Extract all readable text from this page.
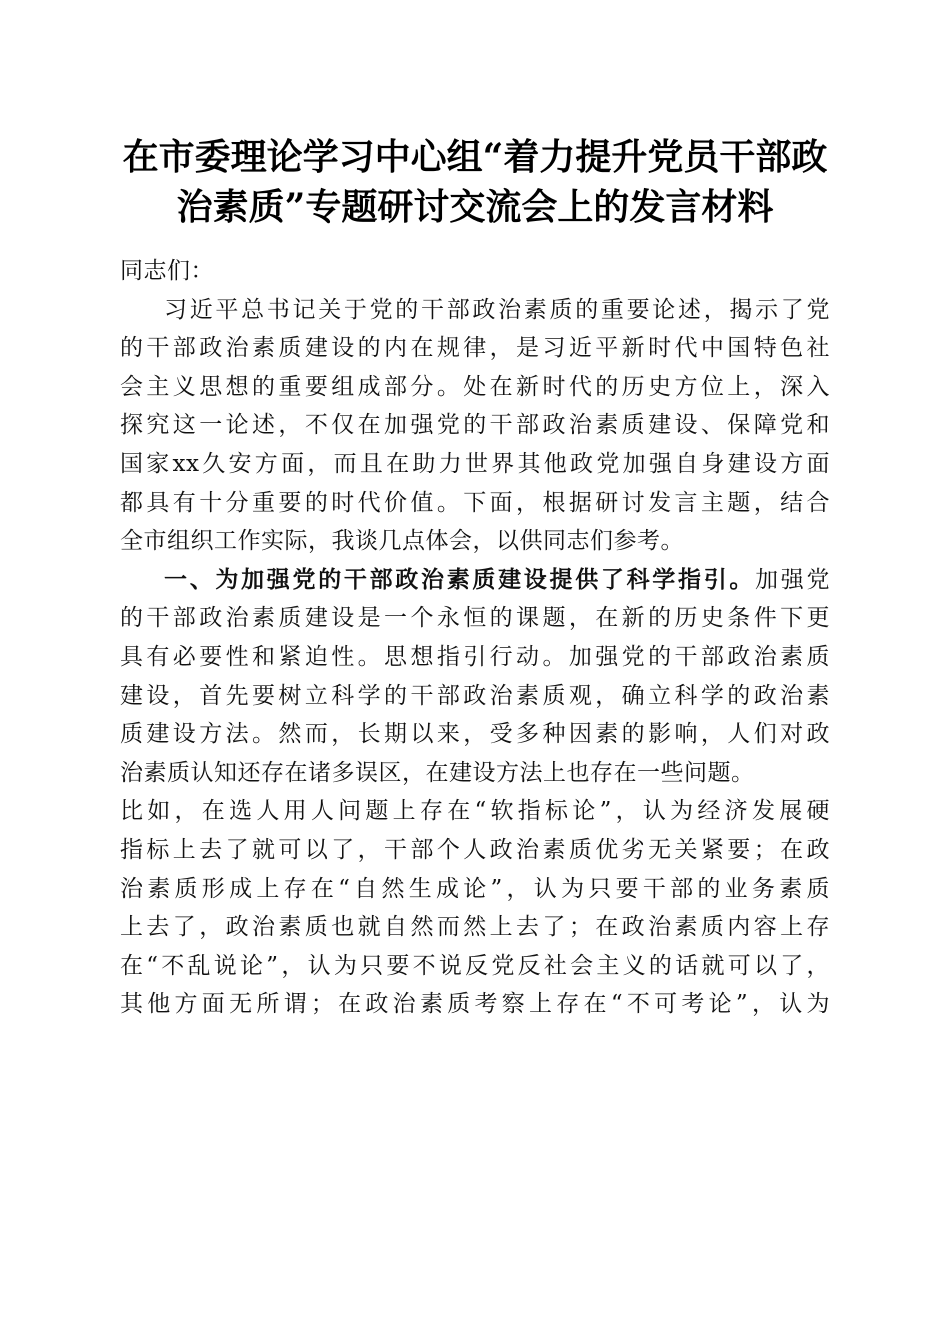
在市委理论学习中心组“着力提升党员干部政
治素质”专题研讨交流会上的发言材料
同志们：
习近平总书记关于党的干部政治素质的重要论述，揭示了党
的干部政治素质建设的内在规律，是习近平新时代中国特色社
会主义思想的重要组成部分。处在新时代的历史方位上，深入
探究这一论述，不仅在加强党的干部政治素质建设、保障党和
国家xx久安方面，而且在助力世界其他政党加强自身建设方面
都具有十分重要的时代价值。下面，根据研讨发言主题，结合
全市组织工作实际，我谈几点体会，以供同志们参考。
一、为加强党的干部政治素质建设提供了科学指引。加强党
的干部政治素质建设是一个永恒的课题，在新的历史条件下更
具有必要性和紧迫性。思想指引行动。加强党的干部政治素质
建设，首先要树立科学的干部政治素质观，确立科学的政治素
质建设方法。然而，长期以来，受多种因素的影响，人们对政
治素质认知还存在诸多误区，在建设方法上也存在一些问题。
比如，在选人用人问题上存在“软指标论”，认为经济发展硬
指标上去了就可以了，干部个人政治素质优劣无关紧要；在政
治素质形成上存在“自然生成论”，认为只要干部的业务素质
上去了，政治素质也就自然而然上去了；在政治素质内容上存
在“不乱说论”，认为只要不说反党反社会主义的话就可以了，
其他方面无所谓；在政治素质考察上存在“不可考论”，认为
